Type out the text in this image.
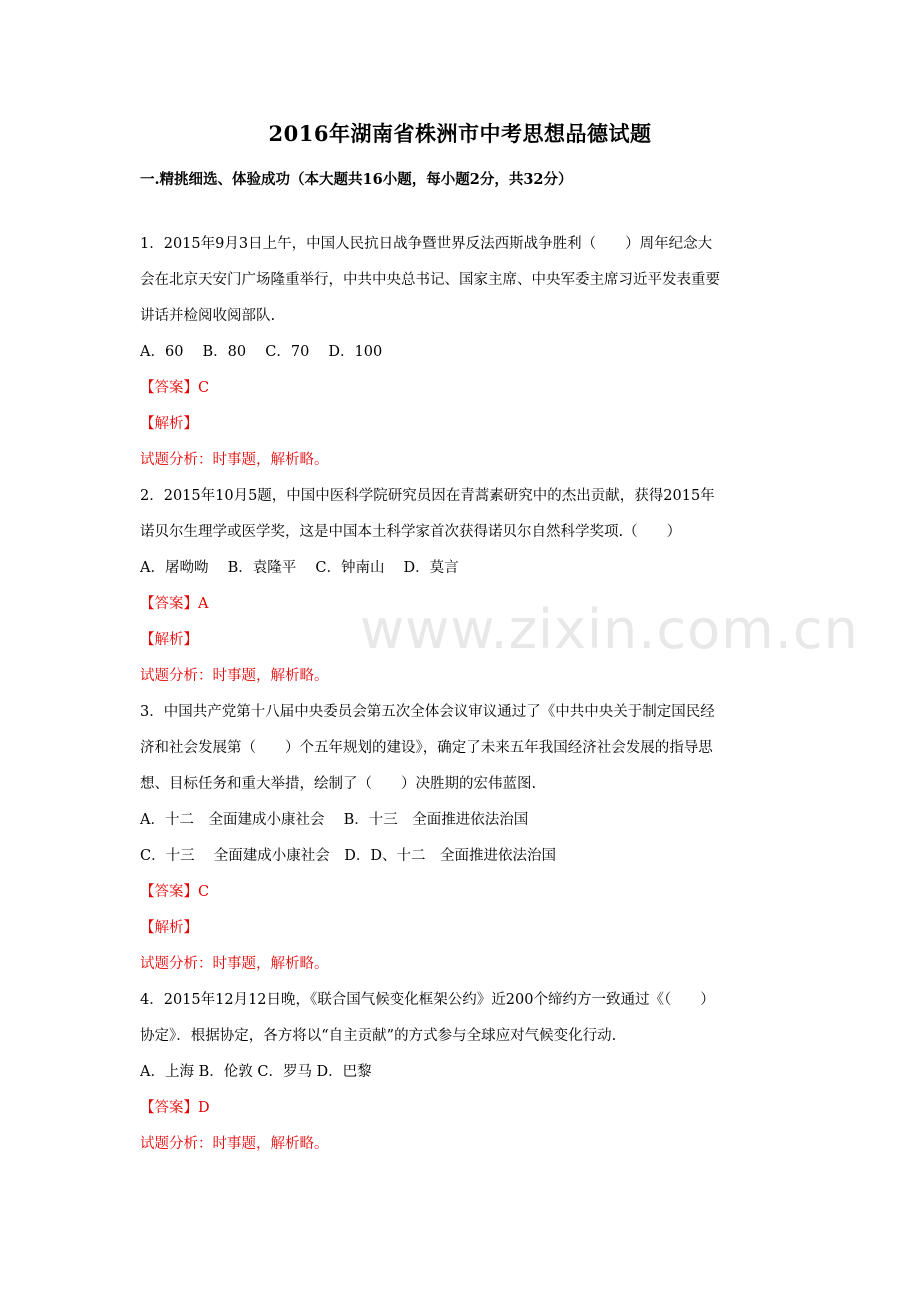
www.zixin.com.cn
2016年湖南省株洲市中考思想品德试题
一.精挑细选、体验成功（本大题共16小题，每小题2分，共32分）
1．2015年9月3日上午，中国人民抗日战争暨世界反法西斯战争胜利（　　）周年纪念大
会在北京天安门广场隆重举行，中共中央总书记、国家主席、中央军委主席习近平发表重要
讲话并检阅收阅部队.
A．60　 B．80　 C．70　 D．100
【答案】C
【解析】
试题分析：时事题，解析略。
2．2015年10月5题，中国中医科学院研究员因在青蒿素研究中的杰出贡献，获得2015年
诺贝尔生理学或医学奖，这是中国本土科学家首次获得诺贝尔自然科学奖项.（　　）
A．屠呦呦　 B．袁隆平　 C．钟南山　 D．莫言
【答案】A
【解析】
试题分析：时事题，解析略。
3．中国共产党第十八届中央委员会第五次全体会议审议通过了《中共中央关于制定国民经
济和社会发展第（　　）个五年规划的建设》，确定了未来五年我国经济社会发展的指导思
想、目标任务和重大举措，绘制了（　　）决胜期的宏伟蓝图.
A．十二　全面建成小康社会　 B．十三　全面推进依法治国
C．十三　 全面建成小康社会　D．D、十二　全面推进依法治国
【答案】C
【解析】
试题分析：时事题，解析略。
4．2015年12月12日晚，《联合国气候变化框架公约》近200个缔约方一致通过《（　　）
协定》．根据协定，各方将以“自主贡献”的方式参与全球应对气候变化行动.
A．上海 B．伦敦 C．罗马 D．巴黎
【答案】D
试题分析：时事题，解析略。
